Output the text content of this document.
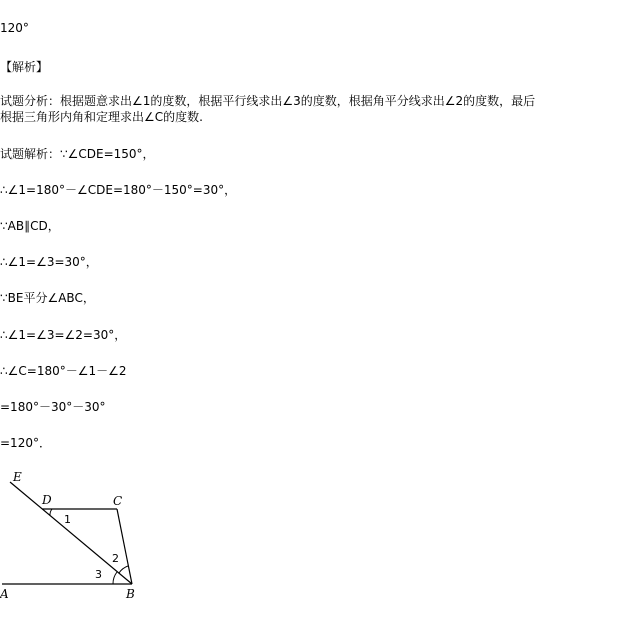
120°
【解析】
试题分析：根据题意求出∠1的度数，根据平行线求出∠3的度数，根据角平分线求出∠2的度数，最后
根据三角形内角和定理求出∠C的度数.
试题解析：∵∠CDE=150°，
∴∠1=180°－∠CDE=180°－150°=30°，
∵AB∥CD，
∴∠1=∠3=30°，
∵BE平分∠ABC，
∴∠1=∠3=∠2=30°，
∴∠C=180°－∠1－∠2
=180°－30°－30°
=120°．
E
D	C
A	B
1
2
3
